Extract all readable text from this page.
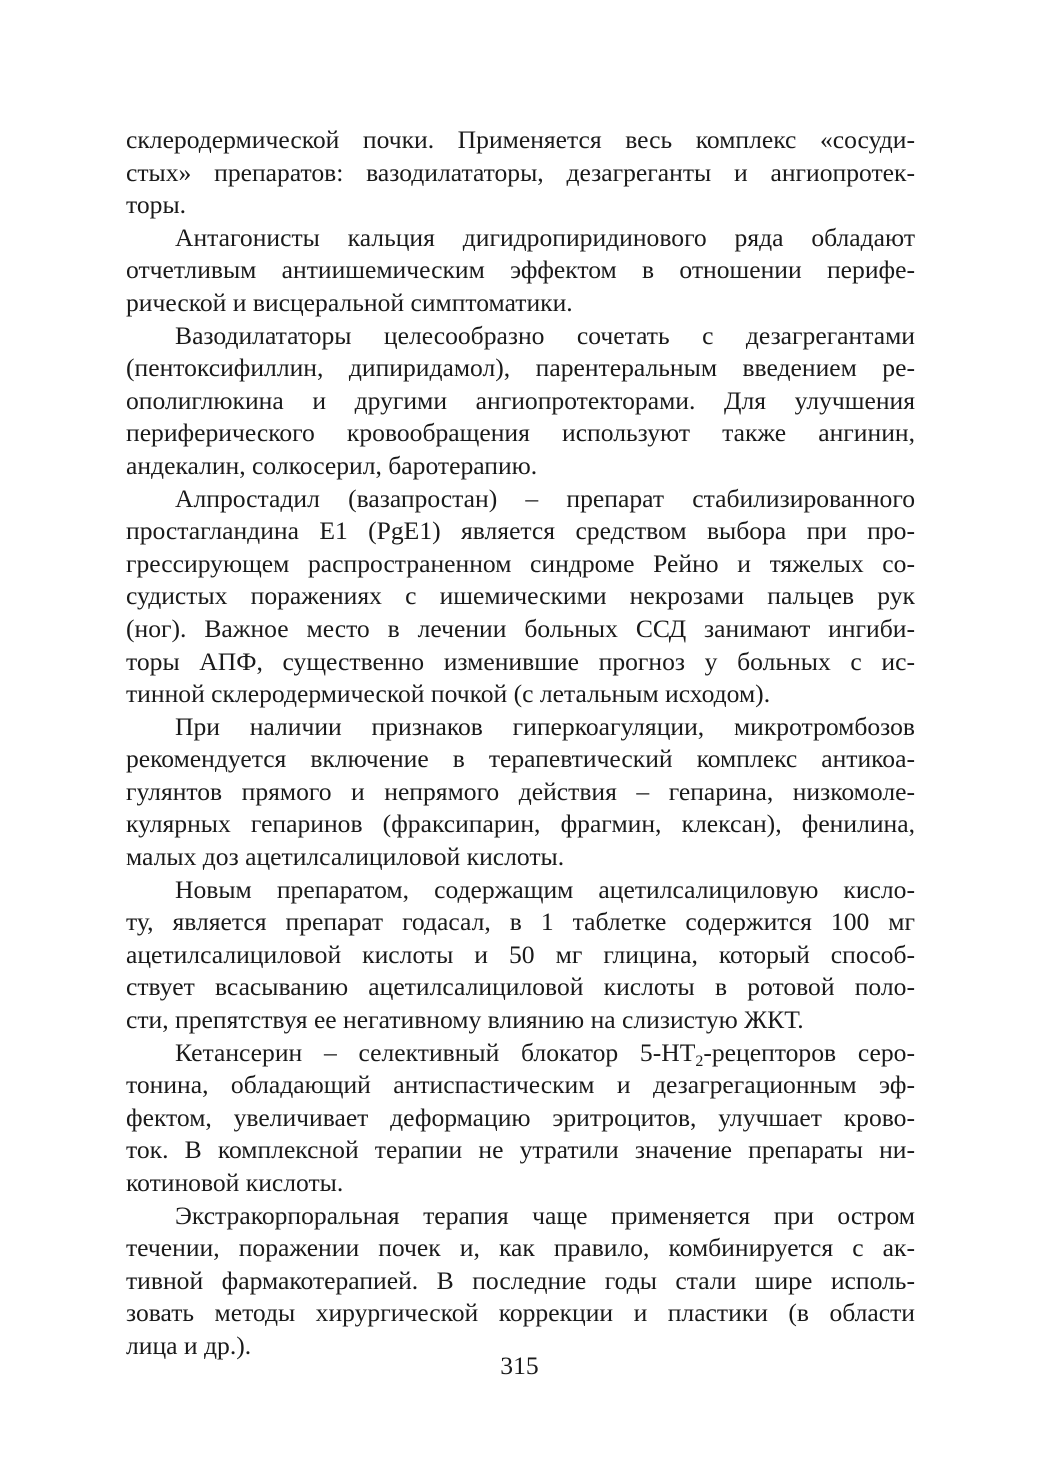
склеродермической почки. Применяется весь комплекс «сосуди-
стых» препаратов: вазодилататоры, дезагреганты и ангиопротек-
торы.
Антагонисты кальция дигидропиридинового ряда обладают
отчетливым антиишемическим эффектом в отношении перифе-
рической и висцеральной симптоматики.
Вазодилататоры целесообразно сочетать с дезагрегантами
(пентоксифиллин, дипиридамол), парентеральным введением ре-
ополиглюкина и другими ангиопротекторами. Для улучшения
периферического кровообращения используют также ангинин,
андекалин, солкосерил, баротерапию.
Алпростадил (вазапростан) – препарат стабилизированного
простагландина E1 (PgE1) является средством выбора при про-
грессирующем распространенном синдроме Рейно и тяжелых со-
судистых поражениях с ишемическими некрозами пальцев рук
(ног). Важное место в лечении больных ССД занимают ингиби-
торы АПФ, существенно изменившие прогноз у больных с ис-
тинной склеродермической почкой (с летальным исходом).
При наличии признаков гиперкоагуляции, микротромбозов
рекомендуется включение в терапевтический комплекс антикоа-
гулянтов прямого и непрямого действия – гепарина, низкомоле-
кулярных гепаринов (фраксипарин, фрагмин, клексан), фенилина,
малых доз ацетилсалициловой кислоты.
Новым препаратом, содержащим ацетилсалициловую кисло-
ту, является препарат годасал, в 1 таблетке содержится 100 мг
ацетилсалициловой кислоты и 50 мг глицина, который способ-
ствует всасыванию ацетилсалициловой кислоты в ротовой поло-
сти, препятствуя ее негативному влиянию на слизистую ЖКТ.
Кетансерин – селективный блокатор $5-HT_2$-рецепторов серо-
тонина, обладающий антиспастическим и дезагрегационным эф-
фектом, увеличивает деформацию эритроцитов, улучшает крово-
ток. В комплексной терапии не утратили значение препараты ни-
котиновой кислоты.
Экстракорпоральная терапия чаще применяется при остром
течении, поражении почек и, как правило, комбинируется с ак-
тивной фармакотерапией. В последние годы стали шире исполь-
зовать методы хирургической коррекции и пластики (в области
лица и др.).
315
